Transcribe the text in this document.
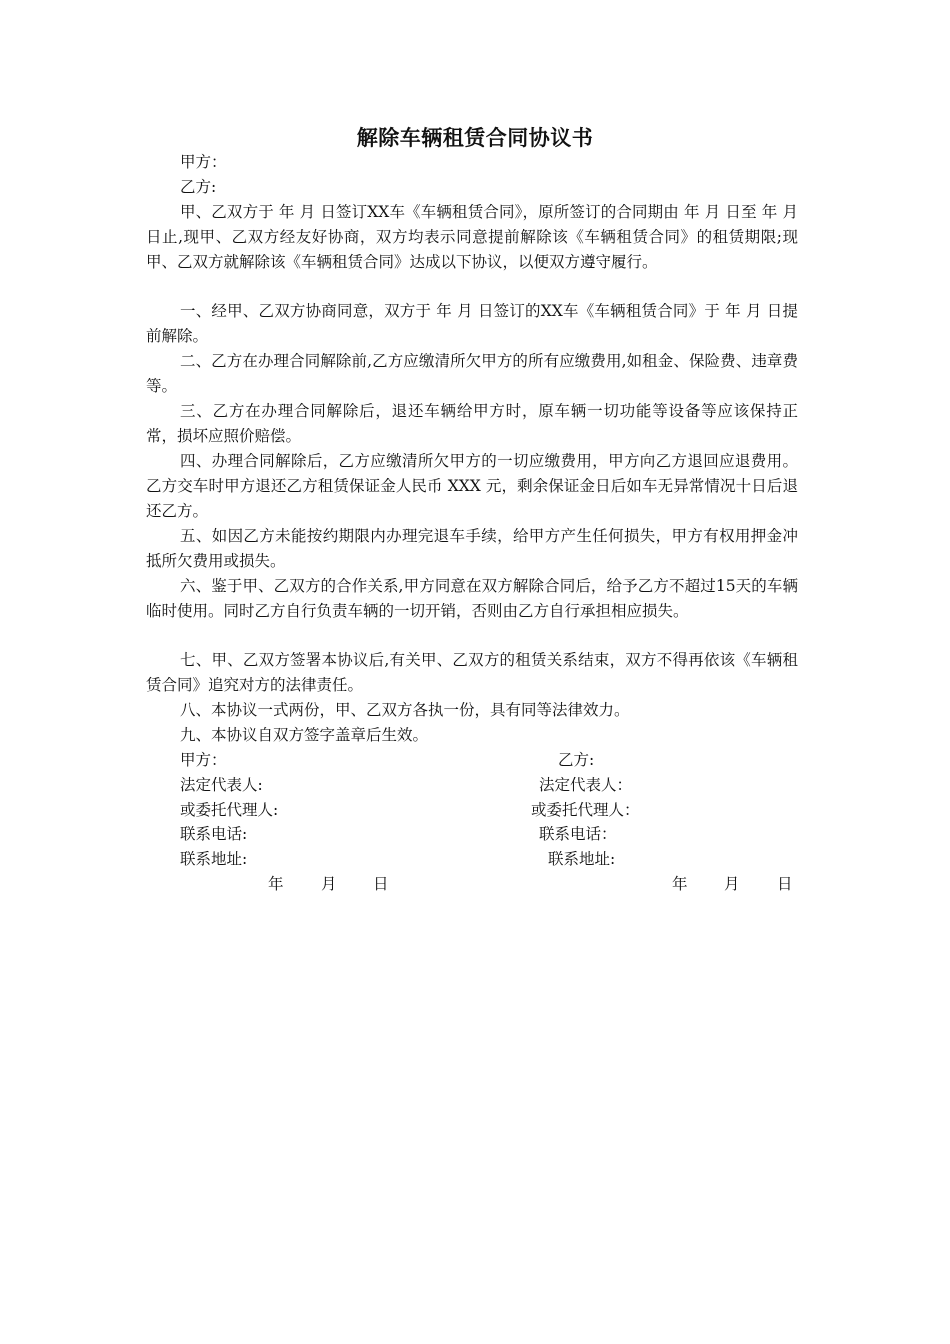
解除车辆租赁合同协议书
甲方：
乙方:
甲、乙双方于 年 月 日签订XX车《车辆租赁合同》，原所签订的合同期由 年 月 日至 年 月 日止,现甲、乙双方经友好协商，双方均表示同意提前解除该《车辆租赁合同》的租赁期限;现甲、乙双方就解除该《车辆租赁合同》达成以下协议，以便双方遵守履行。
一、经甲、乙双方协商同意，双方于 年 月 日签订的XX车《车辆租赁合同》于 年 月 日提前解除。
二、乙方在办理合同解除前,乙方应缴清所欠甲方的所有应缴费用,如租金、保险费、违章费等。
三、乙方在办理合同解除后，退还车辆给甲方时，原车辆一切功能等设备等应该保持正常，损坏应照价赔偿。
四、办理合同解除后，乙方应缴清所欠甲方的一切应缴费用，甲方向乙方退回应退费用。 乙方交车时甲方退还乙方租赁保证金人民币 XXX 元，剩余保证金日后如车无异常情况十日后退还乙方。
五、如因乙方未能按约期限内办理完退车手续，给甲方产生任何损失，甲方有权用押金冲抵所欠费用或损失。
六、鉴于甲、乙双方的合作关系,甲方同意在双方解除合同后，给予乙方不超过15天的车辆临时使用。同时乙方自行负责车辆的一切开销，否则由乙方自行承担相应损失。
七、甲、乙双方签署本协议后,有关甲、乙双方的租赁关系结束，双方不得再依该《车辆租赁合同》追究对方的法律责任。
八、本协议一式两份，甲、乙双方各执一份，具有同等法律效力。
九、本协议自双方签字盖章后生效。
甲方：
法定代表人:
或委托代理人:
联系电话:
联系地址:
年 月 日
乙方:
法定代表人：
或委托代理人：
联系电话：
联系地址:
年 月 日
